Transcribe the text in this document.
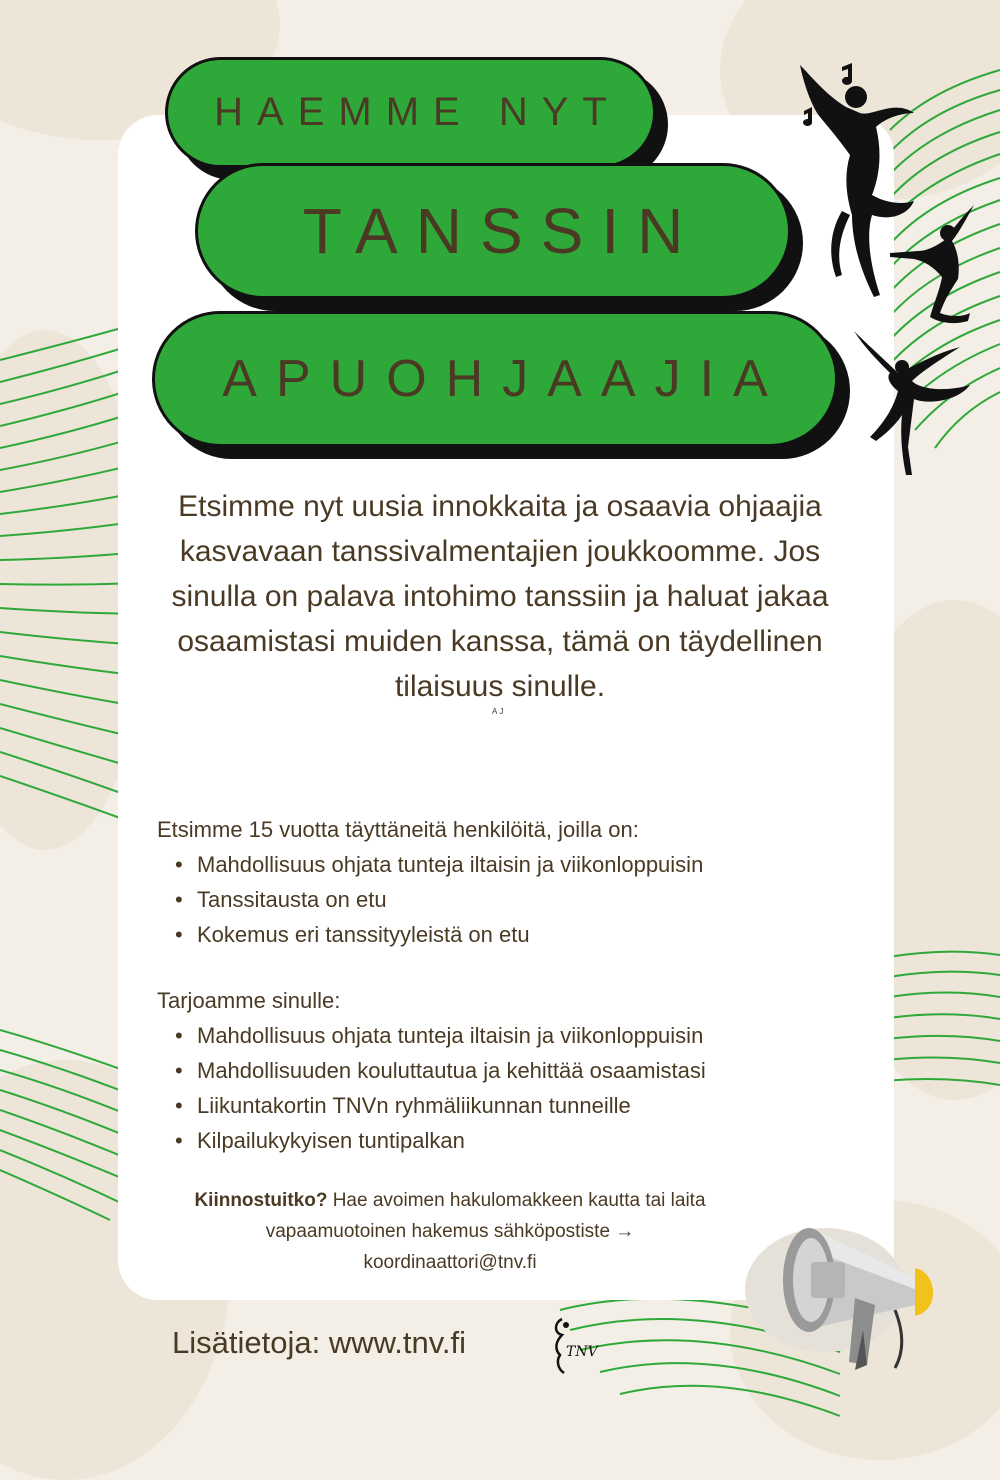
HAEMME NYT
TANSSIN
APUOHJAAJIA
Etsimme nyt uusia innokkaita ja osaavia ohjaajia kasvavaan tanssivalmentajien joukkoomme. Jos sinulla on palava intohimo tanssiin ja haluat jakaa osaamistasi muiden kanssa, tämä on täydellinen tilaisuus sinulle.
AJ
Etsimme 15 vuotta täyttäneitä henkilöitä, joilla on:
• Mahdollisuus ohjata tunteja iltaisin ja viikonloppuisin
• Tanssitausta on etu
• Kokemus eri tanssityyleistä on etu
Tarjoamme sinulle:
• Mahdollisuus ohjata tunteja iltaisin ja viikonloppuisin
• Mahdollisuuden kouluttautua ja kehittää osaamistasi
• Liikuntakortin TNVn ryhmäliikunnan tunneille
• Kilpailukykyisen tuntipalkan
Kiinnostuitko? Hae avoimen hakulomakkeen kautta tai laita vapaamuotoinen hakemus sähköpostiste →
koordinaattori@tnv.fi
Lisätietoja: www.tnv.fi	TNV
